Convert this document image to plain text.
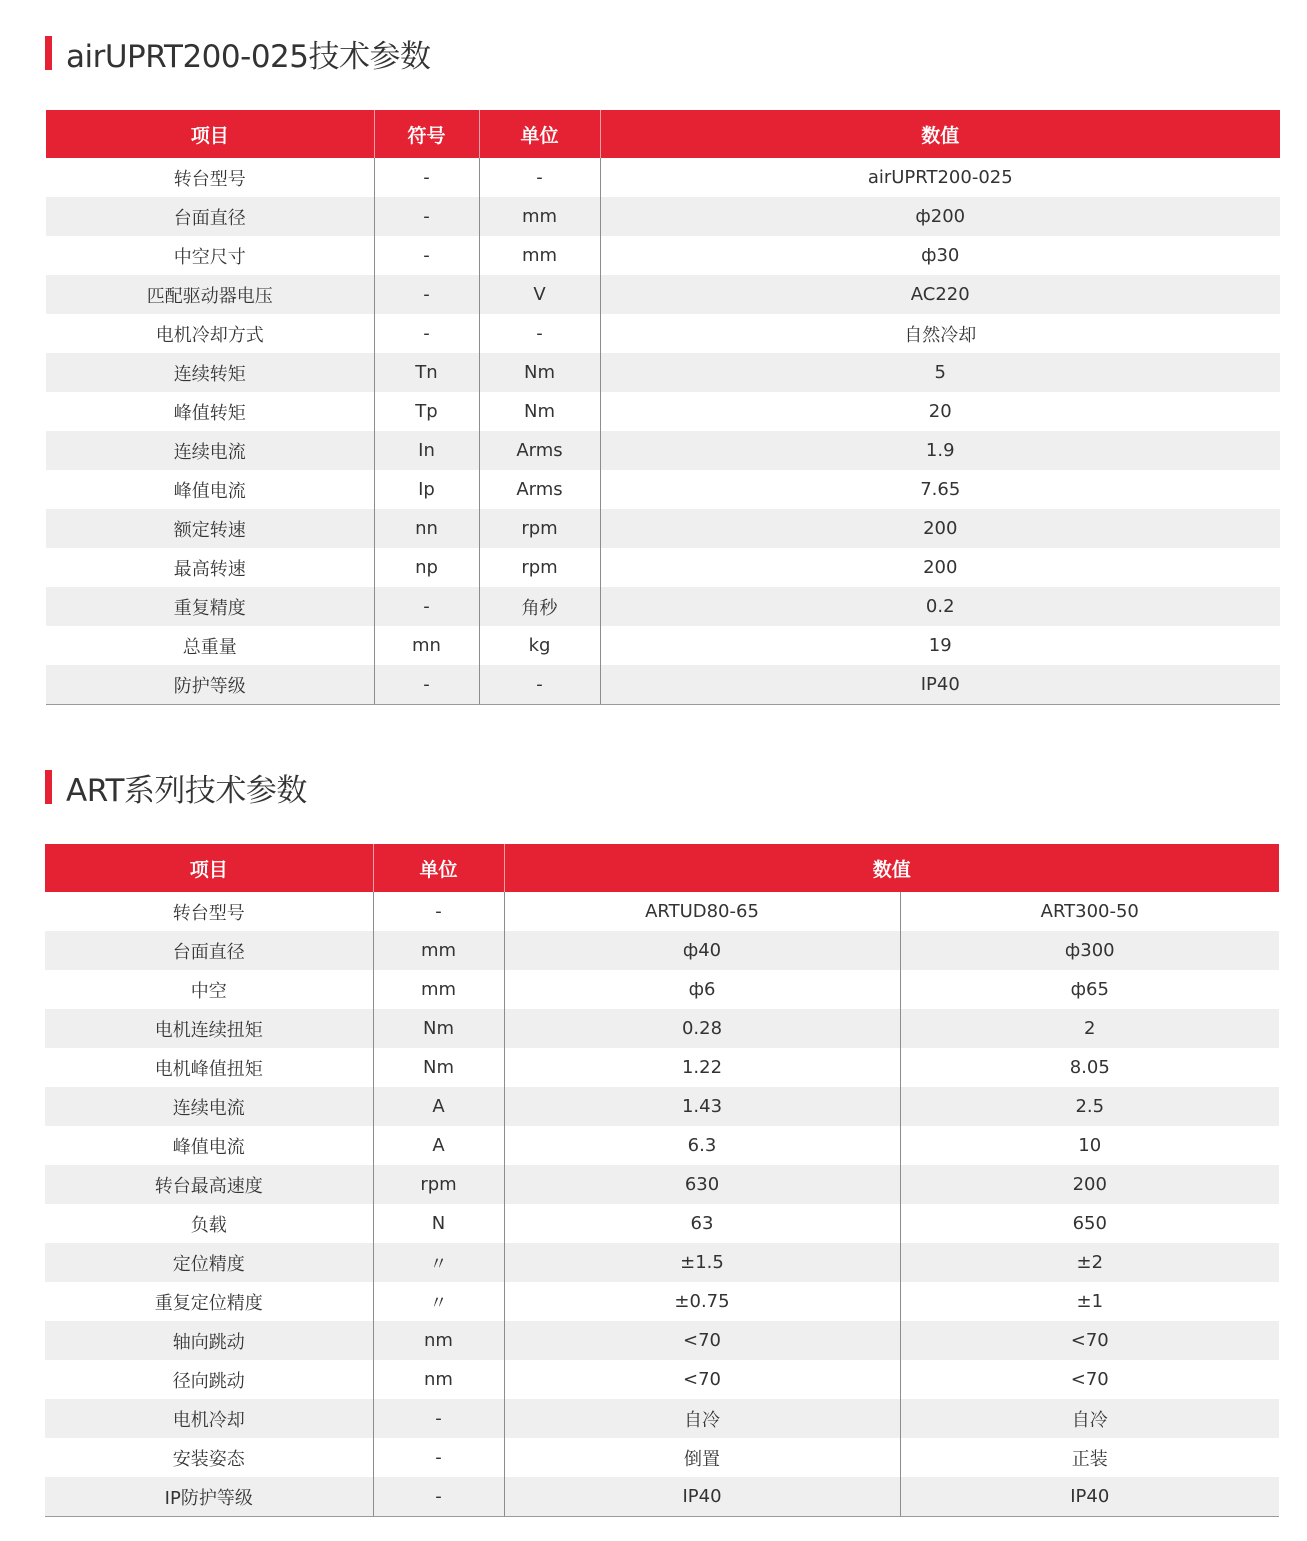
airUPRT200-025技术参数
项目	符号	单位	数值
转台型号	-	-	airUPRT200-025
台面直径	-	mm	ф200
中空尺寸	-	mm	ф30
匹配驱动器电压	-	V	AC220
电机冷却方式	-	-	自然冷却
连续转矩	Tn	Nm	5
峰值转矩	Tp	Nm	20
连续电流	In	Arms	1.9
峰值电流	Ip	Arms	7.65
额定转速	nn	rpm	200
最高转速	np	rpm	200
重复精度	-	角秒	0.2
总重量	mn	kg	19
防护等级	-	-	IP40
ART系列技术参数
项目	单位	数值	
转台型号	-	ARTUD80-65	ART300-50
台面直径	mm	ф40	ф300
中空	mm	ф6	ф65
电机连续扭矩	Nm	0.28	2
电机峰值扭矩	Nm	1.22	8.05
连续电流	A	1.43	2.5
峰值电流	A	6.3	10
转台最高速度	rpm	630	200
负载	N	63	650
定位精度	〃	±1.5	±2
重复定位精度	〃	±0.75	±1
轴向跳动	nm	<70	<70
径向跳动	nm	<70	<70
电机冷却	-	自冷	自冷
安装姿态	-	倒置	正装
IP防护等级	-	IP40	IP40
